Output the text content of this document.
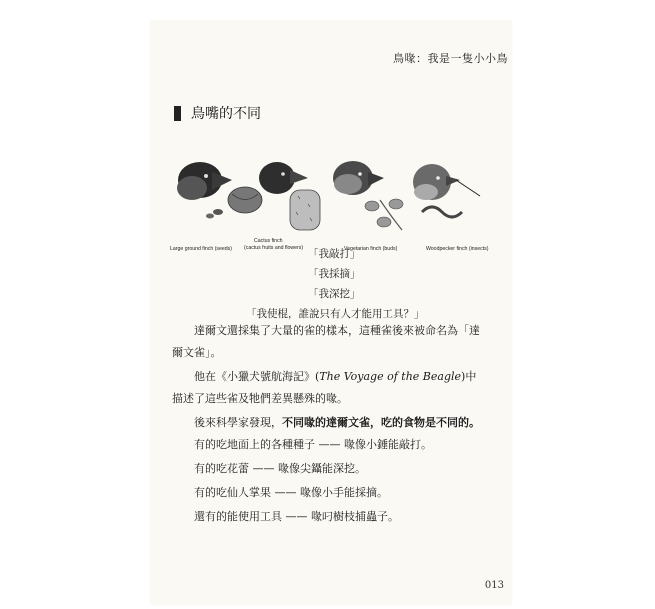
鳥喙：我是一隻小小鳥
鳥嘴的不同
Large ground finch (seeds)
Cactus finch
(cactus fruits and flowers)	Vegetarian finch (buds)	Woodpecker finch (insects)
「我敲打」
「我採摘」
「我深挖」
「我使棍，誰說只有人才能用工具？」

達爾文還採集了大量的雀的樣本，這種雀後來被命名為「達爾文雀」。

他在《小獵犬號航海記》(The Voyage of the Beagle)中描述了這些雀及牠們差異懸殊的喙。

後來科學家發現，不同喙的達爾文雀，吃的食物是不同的。

有的吃地面上的各種種子 —— 喙像小錘能敲打。

有的吃花蕾 —— 喙像尖鑷能深挖。

有的吃仙人掌果 —— 喙像小手能採摘。

還有的能使用工具 —— 喙叼樹枝捕蟲子。

013
